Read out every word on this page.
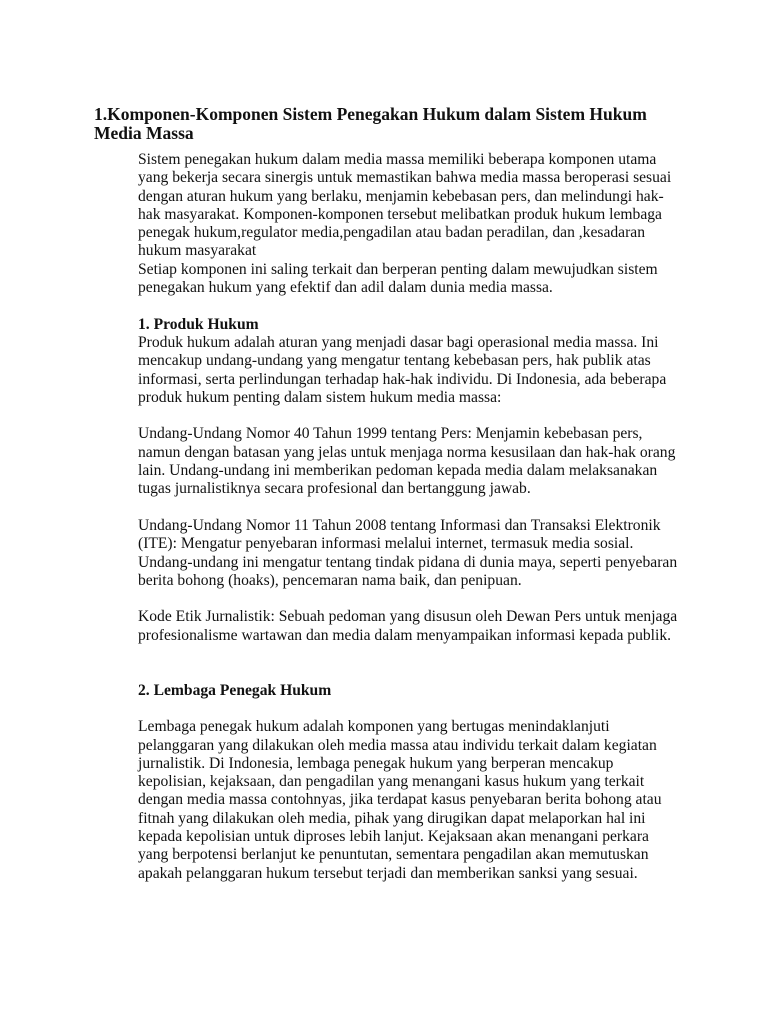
1.Komponen-Komponen Sistem Penegakan Hukum dalam Sistem Hukum Media Massa

Sistem penegakan hukum dalam media massa memiliki beberapa komponen utama
yang bekerja secara sinergis untuk memastikan bahwa media massa beroperasi sesuai
dengan aturan hukum yang berlaku, menjamin kebebasan pers, dan melindungi hak-
hak masyarakat. Komponen-komponen tersebut melibatkan produk hukum lembaga
penegak hukum,regulator media,pengadilan atau badan peradilan, dan ,kesadaran
hukum masyarakat

Setiap komponen ini saling terkait dan berperan penting dalam mewujudkan sistem
penegakan hukum yang efektif dan adil dalam dunia media massa.

1. Produk Hukum

Produk hukum adalah aturan yang menjadi dasar bagi operasional media massa. Ini
mencakup undang-undang yang mengatur tentang kebebasan pers, hak publik atas
informasi, serta perlindungan terhadap hak-hak individu. Di Indonesia, ada beberapa
produk hukum penting dalam sistem hukum media massa:

Undang-Undang Nomor 40 Tahun 1999 tentang Pers: Menjamin kebebasan pers,
namun dengan batasan yang jelas untuk menjaga norma kesusilaan dan hak-hak orang
lain. Undang-undang ini memberikan pedoman kepada media dalam melaksanakan
tugas jurnalistiknya secara profesional dan bertanggung jawab.

Undang-Undang Nomor 11 Tahun 2008 tentang Informasi dan Transaksi Elektronik
(ITE): Mengatur penyebaran informasi melalui internet, termasuk media sosial.
Undang-undang ini mengatur tentang tindak pidana di dunia maya, seperti penyebaran
berita bohong (hoaks), pencemaran nama baik, dan penipuan.

Kode Etik Jurnalistik: Sebuah pedoman yang disusun oleh Dewan Pers untuk menjaga
profesionalisme wartawan dan media dalam menyampaikan informasi kepada publik.

2. Lembaga Penegak Hukum

Lembaga penegak hukum adalah komponen yang bertugas menindaklanjuti
pelanggaran yang dilakukan oleh media massa atau individu terkait dalam kegiatan
jurnalistik. Di Indonesia, lembaga penegak hukum yang berperan mencakup
kepolisian, kejaksaan, dan pengadilan yang menangani kasus hukum yang terkait
dengan media massa contohnyas, jika terdapat kasus penyebaran berita bohong atau
fitnah yang dilakukan oleh media, pihak yang dirugikan dapat melaporkan hal ini
kepada kepolisian untuk diproses lebih lanjut. Kejaksaan akan menangani perkara
yang berpotensi berlanjut ke penuntutan, sementara pengadilan akan memutuskan
apakah pelanggaran hukum tersebut terjadi dan memberikan sanksi yang sesuai.
